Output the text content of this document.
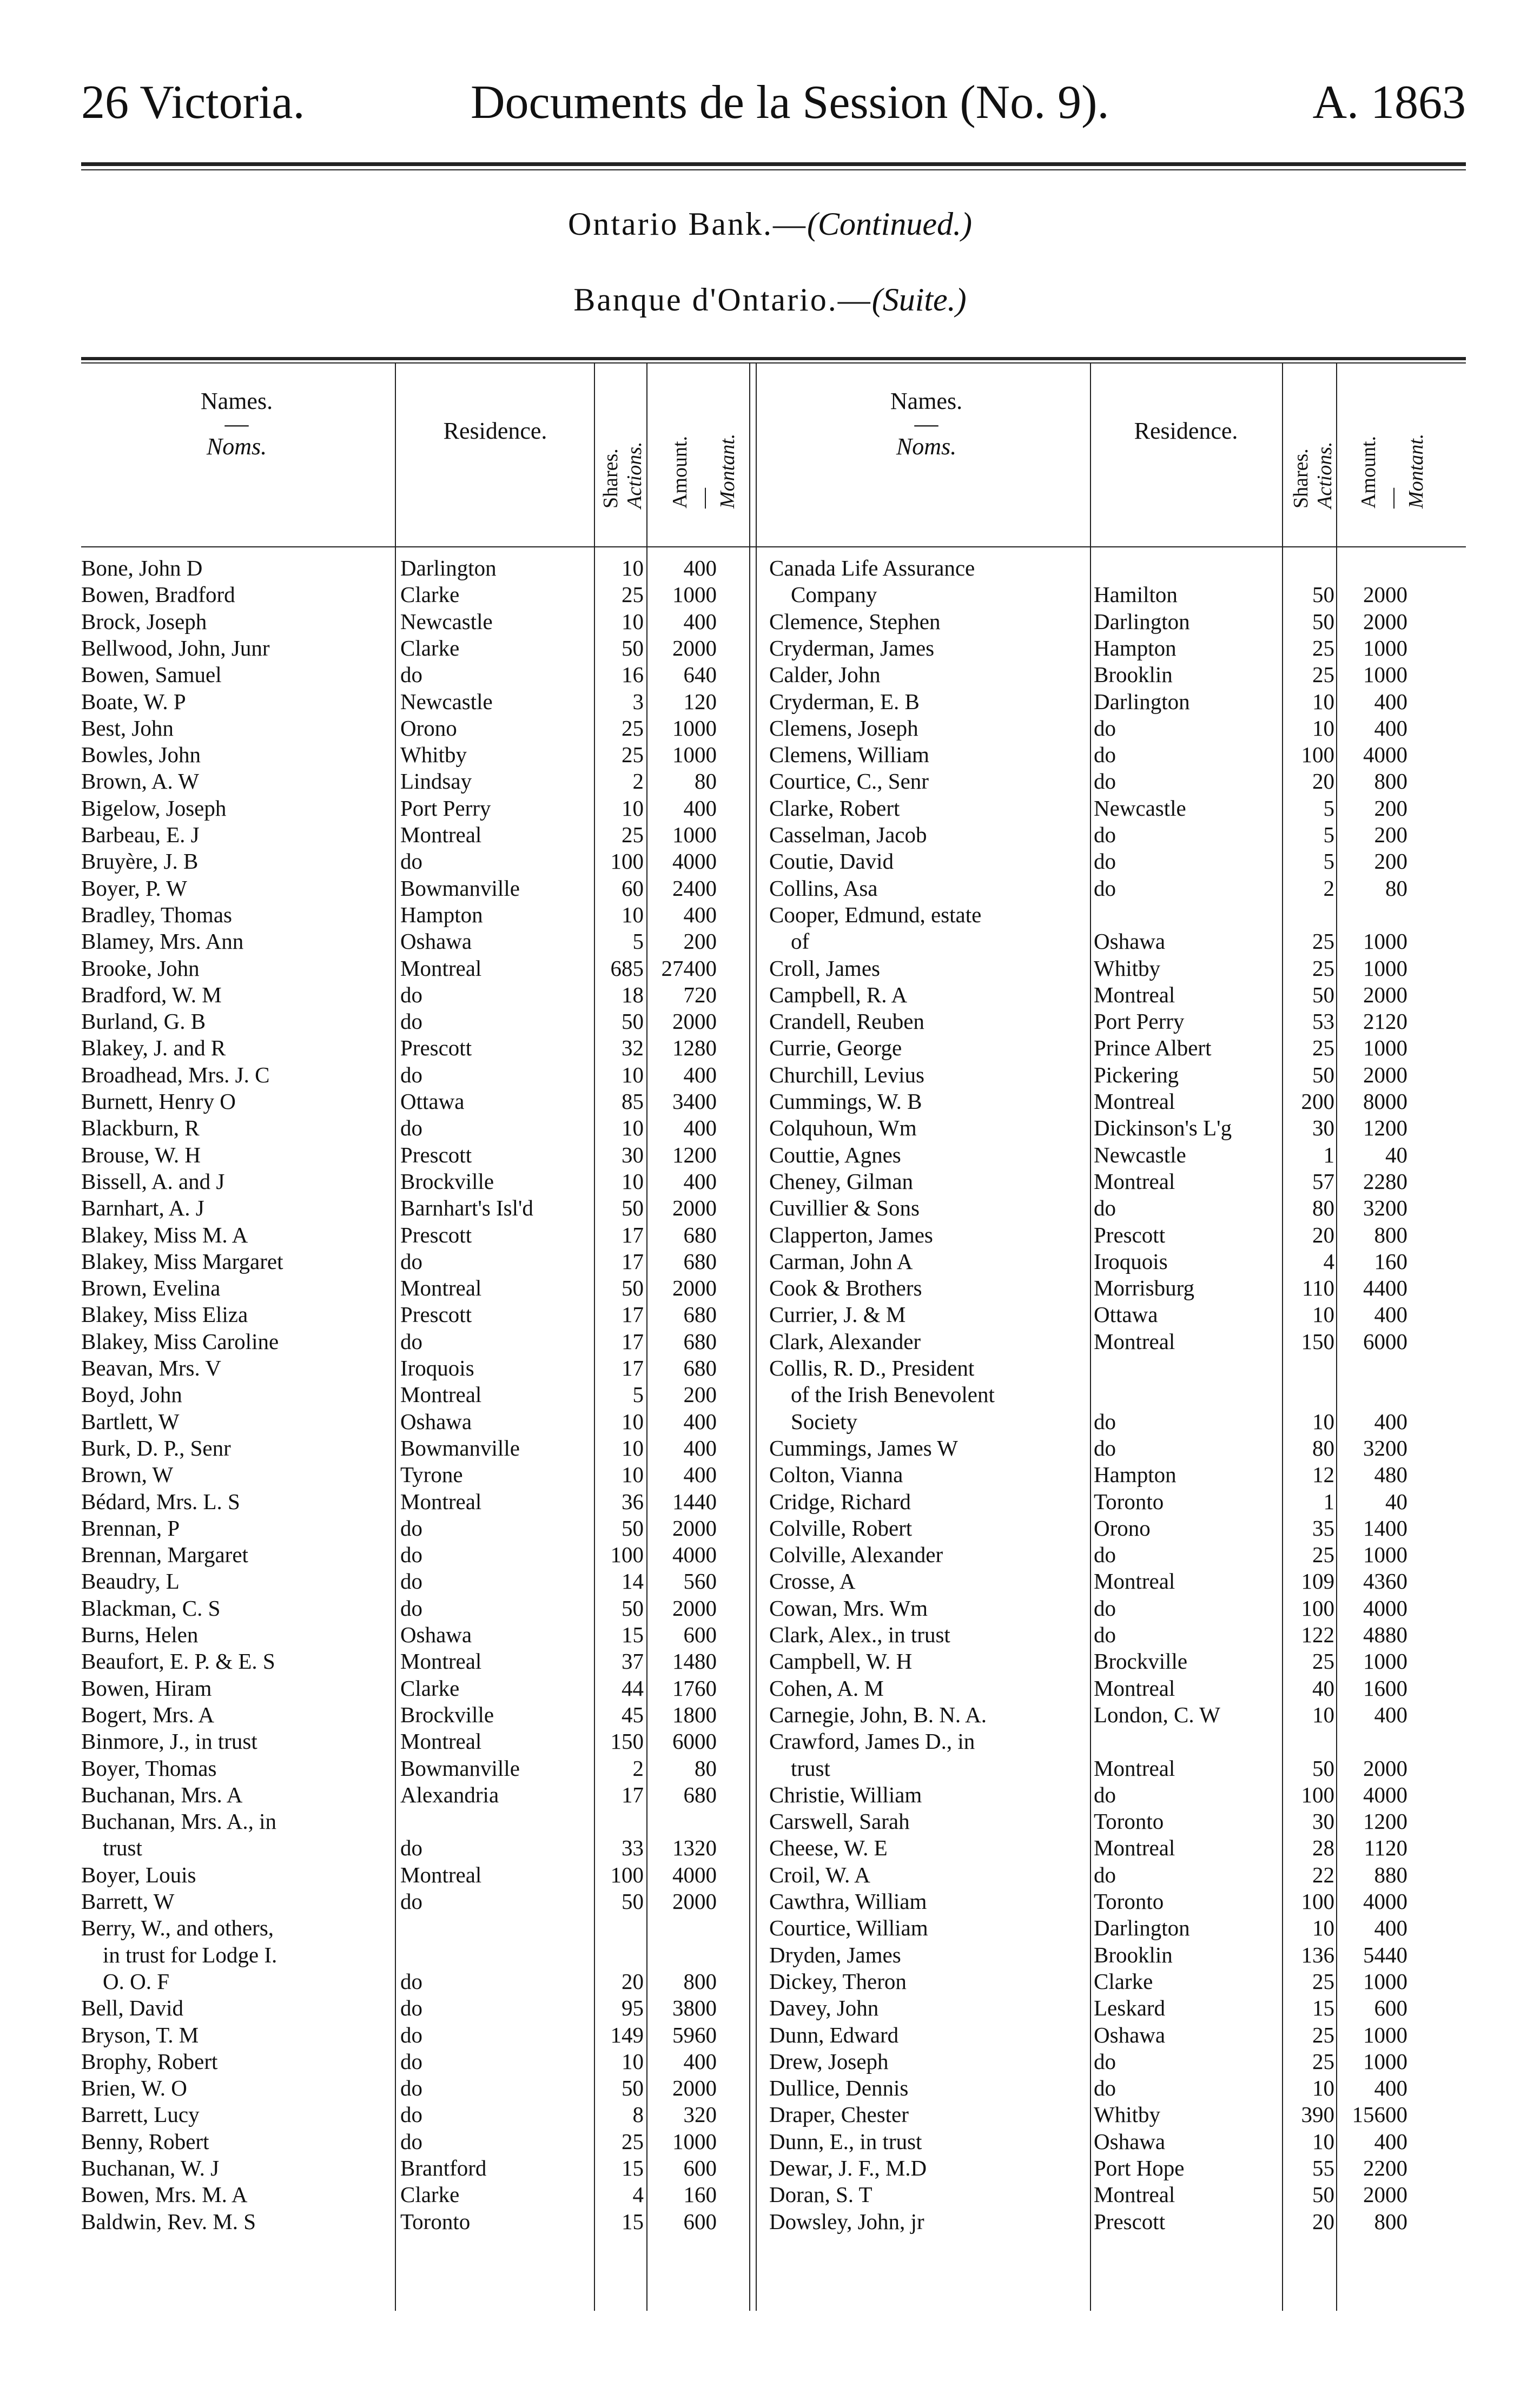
26 Victoria.	Documents de la Session (No. 9).	A. 1863
Ontario Bank.—(Continued.)
Banque d'Ontario.—(Suite.)
Names.
—
Noms.
Residence.
Shares.
Actions. Amount.
—
Montant.
Names.
—
Noms.
Residence.
Shares.
Actions. Amount.
—
Montant.
Bone, John D	Darlington	10	400
Bowen, Bradford	Clarke	25	1000
Brock, Joseph	Newcastle	10	400
Bellwood, John, Junr	Clarke	50	2000
Bowen, Samuel	do	16	640
Boate, W. P	Newcastle	3	120
Best, John	Orono	25	1000
Bowles, John	Whitby	25	1000
Brown, A. W	Lindsay	2	80
Bigelow, Joseph	Port Perry	10	400
Barbeau, E. J	Montreal	25	1000
Bruyère, J. B	do	100	4000
Boyer, P. W	Bowmanville	60	2400
Bradley, Thomas	Hampton	10	400
Blamey, Mrs. Ann	Oshawa	5	200
Brooke, John	Montreal	685 27400
Bradford, W. M	do	18	720
Burland, G. B	do	50	2000
Blakey, J. and R	Prescott	32	1280
Broadhead, Mrs. J. C	do	10	400
Burnett, Henry O	Ottawa	85	3400
Blackburn, R	do	10	400
Brouse, W. H	Prescott	30	1200
Bissell, A. and J	Brockville	10	400
Barnhart, A. J	Barnhart's Isl'd	50	2000
Blakey, Miss M. A	Prescott	17	680
Blakey, Miss Margaret	do	17	680
Brown, Evelina	Montreal	50	2000
Blakey, Miss Eliza	Prescott	17	680
Blakey, Miss Caroline	do	17	680
Beavan, Mrs. V	Iroquois	17	680
Boyd, John	Montreal	5	200
Bartlett, W	Oshawa	10	400
Burk, D. P., Senr	Bowmanville	10	400
Brown, W	Tyrone	10	400
Bédard, Mrs. L. S	Montreal	36	1440
Brennan, P	do	50	2000
Brennan, Margaret	do	100	4000
Beaudry, L	do	14	560
Blackman, C. S	do	50	2000
Burns, Helen	Oshawa	15	600
Beaufort, E. P. & E. S	Montreal	37	1480
Bowen, Hiram	Clarke	44	1760
Bogert, Mrs. A	Brockville	45	1800
Binmore, J., in trust	Montreal	150	6000
Boyer, Thomas	Bowmanville	2	80
Buchanan, Mrs. A	Alexandria	17	680
Buchanan, Mrs. A., in
trust	do	33	1320
Boyer, Louis	Montreal	100	4000
Barrett, W	do	50	2000
Berry, W., and others,
in trust for Lodge I.
O. O. F	do	20	800
Bell, David	do	95	3800
Bryson, T. M	do	149	5960
Brophy, Robert	do	10	400
Brien, W. O	do	50	2000
Barrett, Lucy	do	8	320
Benny, Robert	do	25	1000
Buchanan, W. J	Brantford	15	600
Bowen, Mrs. M. A	Clarke	4	160
Baldwin, Rev. M. S	Toronto	15	600
Canada Life Assurance
Company	Hamilton	50	2000
Clemence, Stephen	Darlington	50	2000
Cryderman, James	Hampton	25	1000
Calder, John	Brooklin	25	1000
Cryderman, E. B	Darlington	10	400
Clemens, Joseph	do	10	400
Clemens, William	do	100	4000
Courtice, C., Senr	do	20	800
Clarke, Robert	Newcastle	5	200
Casselman, Jacob	do	5	200
Coutie, David	do	5	200
Collins, Asa	do	2	80
Cooper, Edmund, estate
of	Oshawa	25	1000
Croll, James	Whitby	25	1000
Campbell, R. A	Montreal	50	2000
Crandell, Reuben	Port Perry	53	2120
Currie, George	Prince Albert	25	1000
Churchill, Levius	Pickering	50	2000
Cummings, W. B	Montreal	200	8000
Colquhoun, Wm	Dickinson's L'g	30	1200
Couttie, Agnes	Newcastle	1	40
Cheney, Gilman	Montreal	57	2280
Cuvillier & Sons	do	80	3200
Clapperton, James	Prescott	20	800
Carman, John A	Iroquois	4	160
Cook & Brothers	Morrisburg	110	4400
Currier, J. & M	Ottawa	10	400
Clark, Alexander	Montreal	150	6000
Collis, R. D., President
of the Irish Benevolent
Society	do	10	400
Cummings, James W	do	80	3200
Colton, Vianna	Hampton	12	480
Cridge, Richard	Toronto	1	40
Colville, Robert	Orono	35	1400
Colville, Alexander	do	25	1000
Crosse, A	Montreal	109	4360
Cowan, Mrs. Wm	do	100	4000
Clark, Alex., in trust	do	122	4880
Campbell, W. H	Brockville	25	1000
Cohen, A. M	Montreal	40	1600
Carnegie, John, B. N. A.	London, C. W	10	400
Crawford, James D., in
trust	Montreal	50	2000
Christie, William	do	100	4000
Carswell, Sarah	Toronto	30	1200
Cheese, W. E	Montreal	28	1120
Croil, W. A	do	22	880
Cawthra, William	Toronto	100	4000
Courtice, William	Darlington	10	400
Dryden, James	Brooklin	136	5440
Dickey, Theron	Clarke	25	1000
Davey, John	Leskard	15	600
Dunn, Edward	Oshawa	25	1000
Drew, Joseph	do	25	1000
Dullice, Dennis	do	10	400
Draper, Chester	Whitby	390 15600
Dunn, E., in trust	Oshawa	10	400
Dewar, J. F., M.D	Port Hope	55	2200
Doran, S. T	Montreal	50	2000
Dowsley, John, jr	Prescott	20	800
